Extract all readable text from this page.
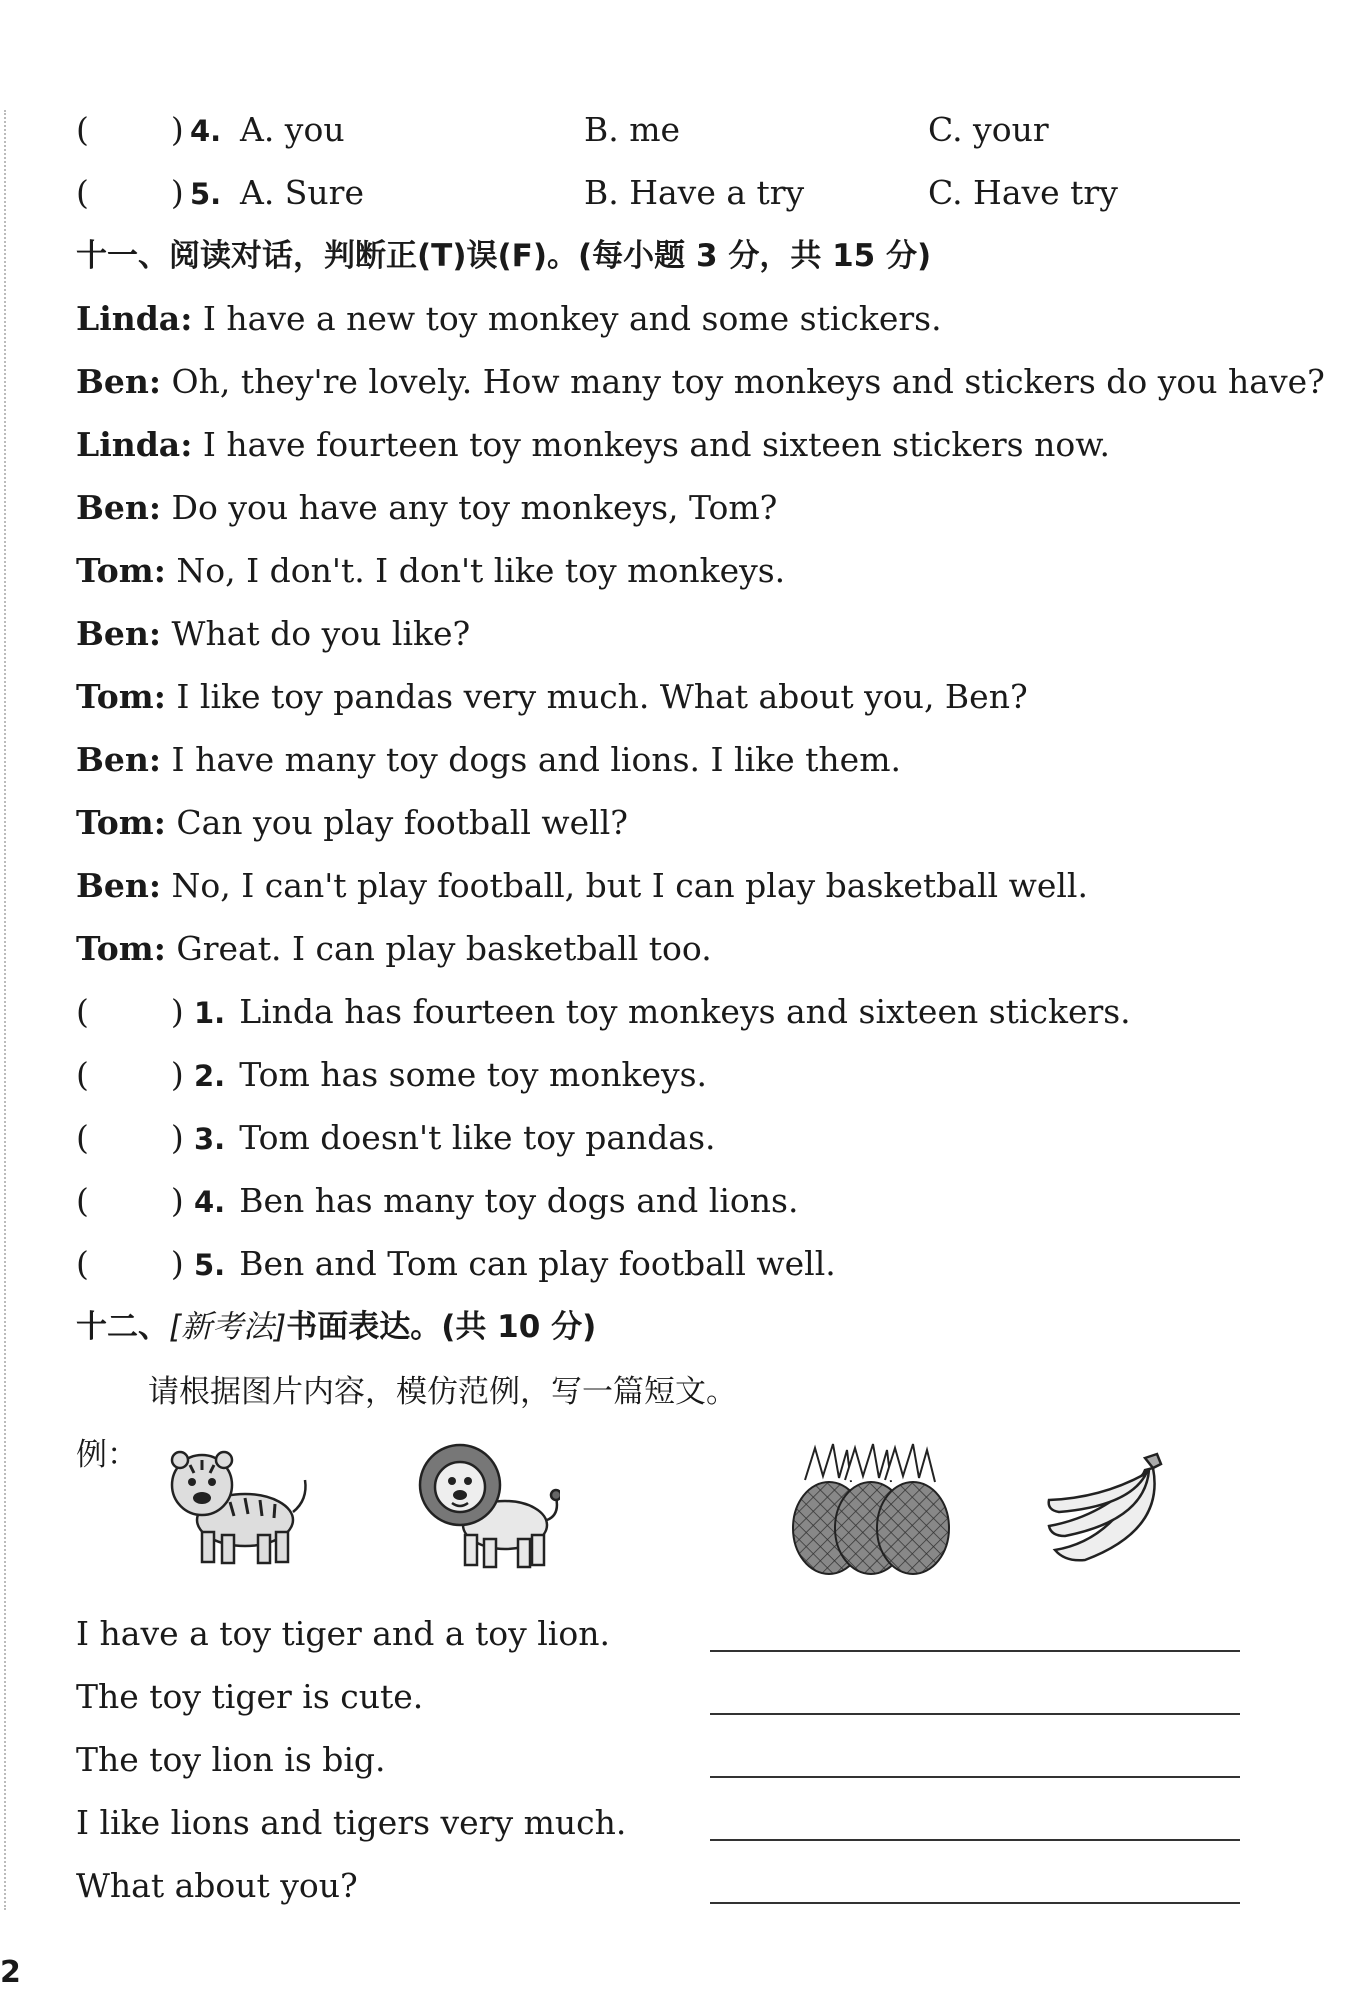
( ) 4. A. you	B. me	C. your
( ) 5. A. Sure	B. Have a try	C. Have try
十一、阅读对话，判断正(T)误(F)。(每小题 3 分，共 15 分)
Linda: I have a new toy monkey and some stickers.
Ben: Oh, they're lovely. How many toy monkeys and stickers do you have?
Linda: I have fourteen toy monkeys and sixteen stickers now.
Ben: Do you have any toy monkeys, Tom?
Tom: No, I don't. I don't like toy monkeys.
Ben: What do you like?
Tom: I like toy pandas very much. What about you, Ben?
Ben: I have many toy dogs and lions. I like them.
Tom: Can you play football well?
Ben: No, I can't play football, but I can play basketball well.
Tom: Great. I can play basketball too.
( ) 1. Linda has fourteen toy monkeys and sixteen stickers.
( ) 2. Tom has some toy monkeys.
( ) 3. Tom doesn't like toy pandas.
( ) 4. Ben has many toy dogs and lions.
( ) 5. Ben and Tom can play football well.
十二、[新考法]书面表达。(共 10 分)
请根据图片内容，模仿范例，写一篇短文。
例：
I have a toy tiger and a toy lion.
The toy tiger is cute.
The toy lion is big.
I like lions and tigers very much.
What about you?
2
